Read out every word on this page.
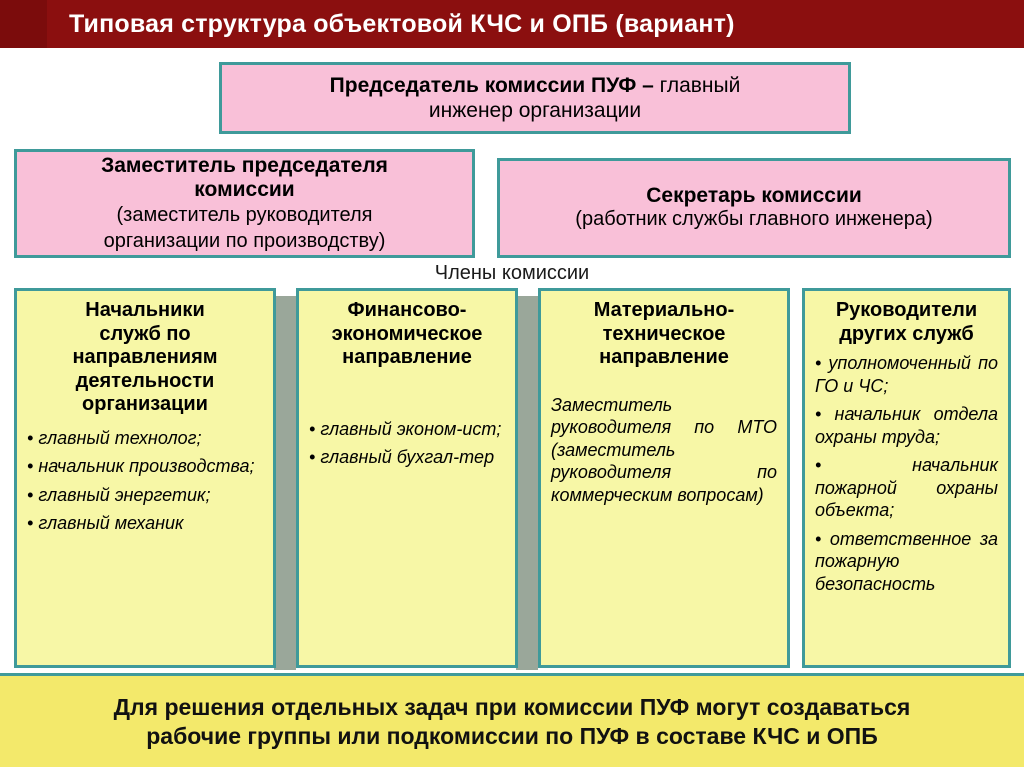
Типовая структура объектовой КЧС и ОПБ (вариант)
Председатель комиссии ПУФ – главный
инженер организации
Заместитель председателя
комиссии
(заместитель руководителя
организации по производству)
Секретарь комиссии
(работник службы главного инженера)
Члены комиссии
Начальники
служб по
направлениям
деятельности
организации

• главный технолог;

• начальник производства;

• главный энергетик;

• главный механик

Финансово-
экономическое
направление

• главный эконом-ист;

• главный бухгал-тер

Материально-
техническое
направление

Заместитель руководителя по МТО (заместитель руководителя по коммерческим вопросам)

Руководители
других служб

• уполномоченный по ГО и ЧС;

• начальник отдела охраны труда;

• начальник пожарной охраны объекта;

• ответственное за пожарную безопасность

Для решения отдельных задач при комиссии ПУФ могут создаваться
рабочие группы или подкомиссии по ПУФ в составе КЧС и ОПБ
